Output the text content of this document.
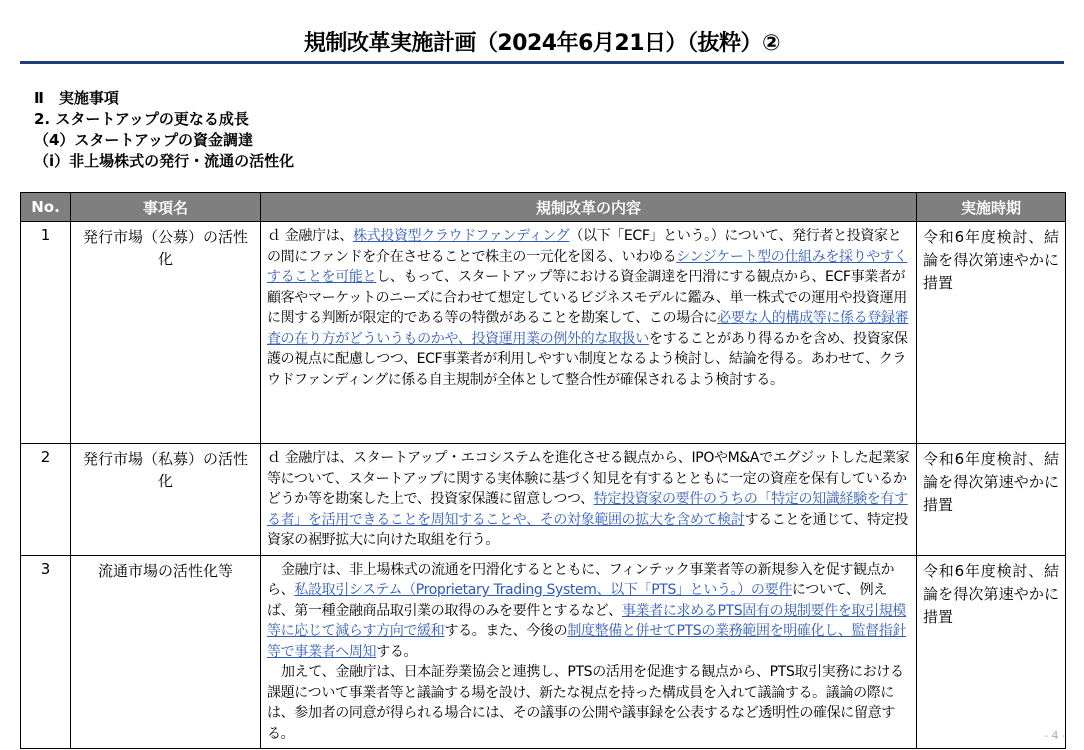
規制改革実施計画（2024年6月21日）（抜粋）②
Ⅱ　実施事項
2. スタートアップの更なる成長
（4）スタートアップの資金調達
（ⅰ）非上場株式の発行・流通の活性化
No.	事項名	規制改革の内容	実施時期
1	発行市場（公募）の活性化	ｄ 金融庁は、株式投資型クラウドファンディング（以下「ECF」という。）について、発行者と投資家との間にファンドを介在させることで株主の一元化を図る、いわゆるシンジケート型の仕組みを採りやすくすることを可能とし、もって、スタートアップ等における資金調達を円滑にする観点から、ECF事業者が顧客やマーケットのニーズに合わせて想定しているビジネスモデルに鑑み、単一株式での運用や投資運用に関する判断が限定的である等の特徴があることを勘案して、この場合に必要な人的構成等に係る登録審査の在り方がどういうものかや、投資運用業の例外的な取扱いをすることがあり得るかを含め、投資家保護の視点に配慮しつつ、ECF事業者が利用しやすい制度となるよう検討し、結論を得る。あわせて、クラウドファンディングに係る自主規制が全体として整合性が確保されるよう検討する。	令和6年度検討、結論を得次第速やかに措置
2	発行市場（私募）の活性化	ｄ 金融庁は、スタートアップ・エコシステムを進化させる観点から、IPOやM&Aでエグジットした起業家等について、スタートアップに関する実体験に基づく知見を有するとともに一定の資産を保有しているかどうか等を勘案した上で、投資家保護に留意しつつ、特定投資家の要件のうちの「特定の知識経験を有する者」を活用できることを周知することや、その対象範囲の拡大を含めて検討することを通じて、特定投資家の裾野拡大に向けた取組を行う。	令和6年度検討、結論を得次第速やかに措置
3	流通市場の活性化等	金融庁は、非上場株式の流通を円滑化するとともに、フィンテック事業者等の新規参入を促す観点から、私設取引システム（Proprietary Trading System、以下「PTS」という。）の要件について、例えば、第一種金融商品取引業の取得のみを要件とするなど、事業者に求めるPTS固有の規制要件を取引規模等に応じて減らす方向で緩和する。また、今後の制度整備と併せてPTSの業務範囲を明確化し、監督指針等で事業者へ周知する。
加えて、金融庁は、日本証券業協会と連携し、PTSの活用を促進する観点から、PTS取引実務における課題について事業者等と議論する場を設け、新たな視点を持った構成員を入れて議論する。議論の際には、参加者の同意が得られる場合には、その議事の公開や議事録を公表するなど透明性の確保に留意する。	令和6年度検討、結論を得次第速やかに措置
- 4 -
